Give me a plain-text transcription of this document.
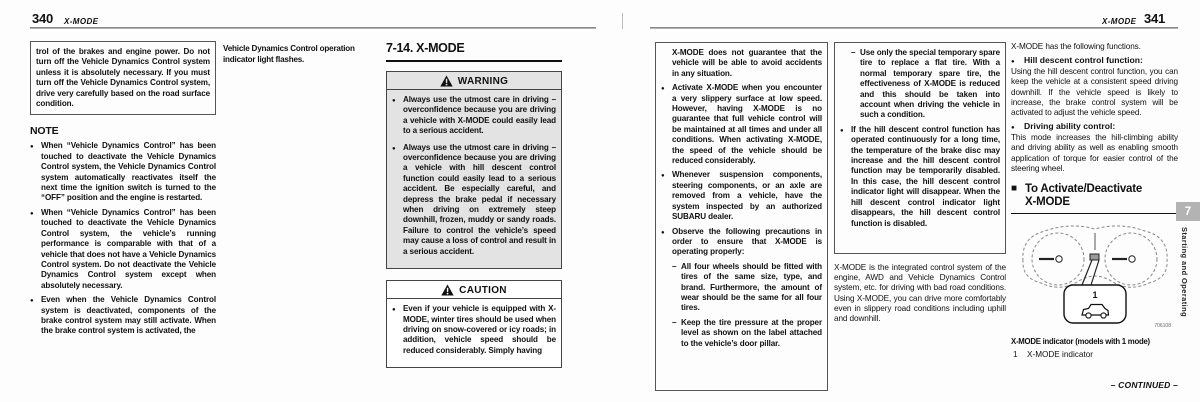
340 X-MODE	X-MODE 341
trol of the brakes and engine power. Do not turn off the Vehicle Dynamics Control system unless it is absolutely necessary. If you must turn off the Vehicle Dynamics Control system, drive very carefully based on the road surface condition.
NOTE
●
When “Vehicle Dynamics Control” has been touched to deactivate the Vehicle Dynamics Control system, the Vehicle Dynamics Control system automatically reactivates itself the next time the ignition switch is turned to the “OFF” position and the engine is restarted.
●
When “Vehicle Dynamics Control” has been touched to deactivate the Vehicle Dynamics Control system, the vehicle’s running performance is comparable with that of a vehicle that does not have a Vehicle Dynamics Control system. Do not deactivate the Vehicle Dynamics Control system except when absolutely necessary.
●
Even when the Vehicle Dynamics Control system is deactivated, components of the brake control system may still activate. When the brake control system is activated, the
Vehicle Dynamics Control operation indicator light flashes.
7-14. X-MODE
WARNING
●
Always use the utmost care in driving – overconfidence because you are driving a vehicle with X-MODE could easily lead to a serious accident.
●
Always use the utmost care in driving – overconfidence because you are driving a vehicle with hill descent control function could easily lead to a serious accident. Be especially careful, and depress the brake pedal if necessary when driving on extremely steep downhill, frozen, muddy or sandy roads. Failure to control the vehicle’s speed may cause a loss of control and result in a serious accident.
CAUTION
●
Even if your vehicle is equipped with X-MODE, winter tires should be used when driving on snow-covered or icy roads; in addition, vehicle speed should be reduced considerably. Simply having
X-MODE does not guarantee that the vehicle will be able to avoid accidents in any situation.
●
Activate X-MODE when you encounter a very slippery surface at low speed. However, having X-MODE is no guarantee that full vehicle control will be maintained at all times and under all conditions. When activating X-MODE, the speed of the vehicle should be reduced considerably.
●
Whenever suspension components, steering components, or an axle are removed from a vehicle, have the system inspected by an authorized SUBARU dealer.
●
Observe the following precautions in order to ensure that X-MODE is operating properly:
–
All four wheels should be fitted with tires of the same size, type, and brand. Furthermore, the amount of wear should be the same for all four tires.
–
Keep the tire pressure at the proper level as shown on the label attached to the vehicle’s door pillar.
–
Use only the special temporary spare tire to replace a flat tire. With a normal temporary spare tire, the effectiveness of X-MODE is reduced and this should be taken into account when driving the vehicle in such a condition.
●
If the hill descent control function has operated continuously for a long time, the temperature of the brake disc may increase and the hill descent control function may be temporarily disabled. In this case, the hill descent control indicator light will disappear. When the hill descent control indicator light disappears, the hill descent control function is disabled.
X-MODE is the integrated control system of the engine, AWD and Vehicle Dynamics Control system, etc. for driving with bad road conditions. Using X-MODE, you can drive more comfortably even in slippery road conditions including uphill and downhill.
X-MODE has the following functions.
●
Hill descent control function:
Using the hill descent control function, you can keep the vehicle at a consistent speed driving downhill. If the vehicle speed is likely to increase, the brake control system will be activated to adjust the vehicle speed.
●
Driving ability control:
This mode increases the hill-climbing ability and driving ability as well as enabling smooth application of torque for easier control of the steering wheel.
■
To Activate/Deactivate
X-MODE
1
706108
X-MODE indicator (models with 1 mode)
1	X-MODE indicator
– CONTINUED –
7
Starting and Operating
